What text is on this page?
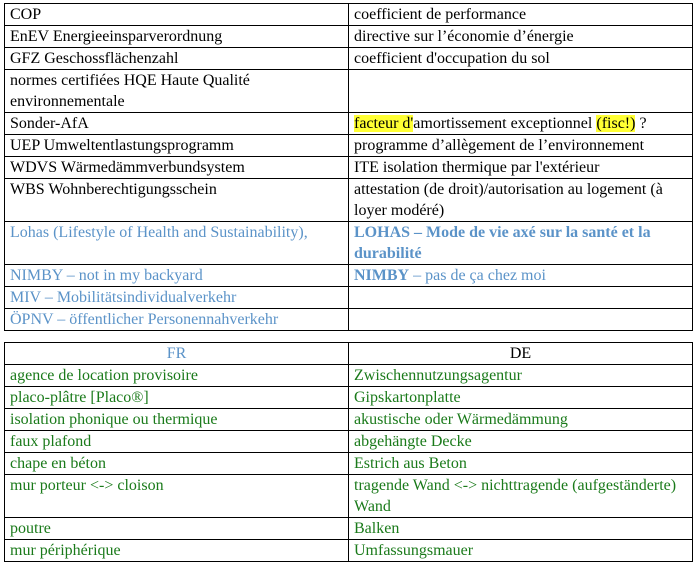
COP	coefficient de performance
EnEV Energieeinsparverordnung	directive sur l’économie d’énergie
GFZ Geschossflächenzahl	coefficient d'occupation du sol
normes certifiées HQE Haute Qualité environnementale	
Sonder-AfA	facteur d'amortissement exceptionnel (fisc!) ?
UEP Umweltentlastungsprogramm	programme d’allègement de l’environnement
WDVS Wärmedämmverbundsystem	ITE isolation thermique par l'extérieur
WBS Wohnberechtigungsschein	attestation (de droit)/autorisation au logement (à loyer modéré)
Lohas (Lifestyle of Health and Sustainability),	LOHAS – Mode de vie axé sur la santé et la durabilité
NIMBY – not in my backyard	NIMBY – pas de ça chez moi
MIV – Mobilitätsindividualverkehr	
ÖPNV – öffentlicher Personennahverkehr	
FR	DE
agence de location provisoire	Zwischennutzungsagentur
placo-plâtre [Placo®]	Gipskartonplatte
isolation phonique ou thermique	akustische oder Wärmedämmung
faux plafond	abgehängte Decke
chape en béton	Estrich aus Beton
mur porteur <-> cloison	tragende Wand <-> nichttragende (aufgeständerte) Wand
poutre	Balken
mur périphérique	Umfassungsmauer
